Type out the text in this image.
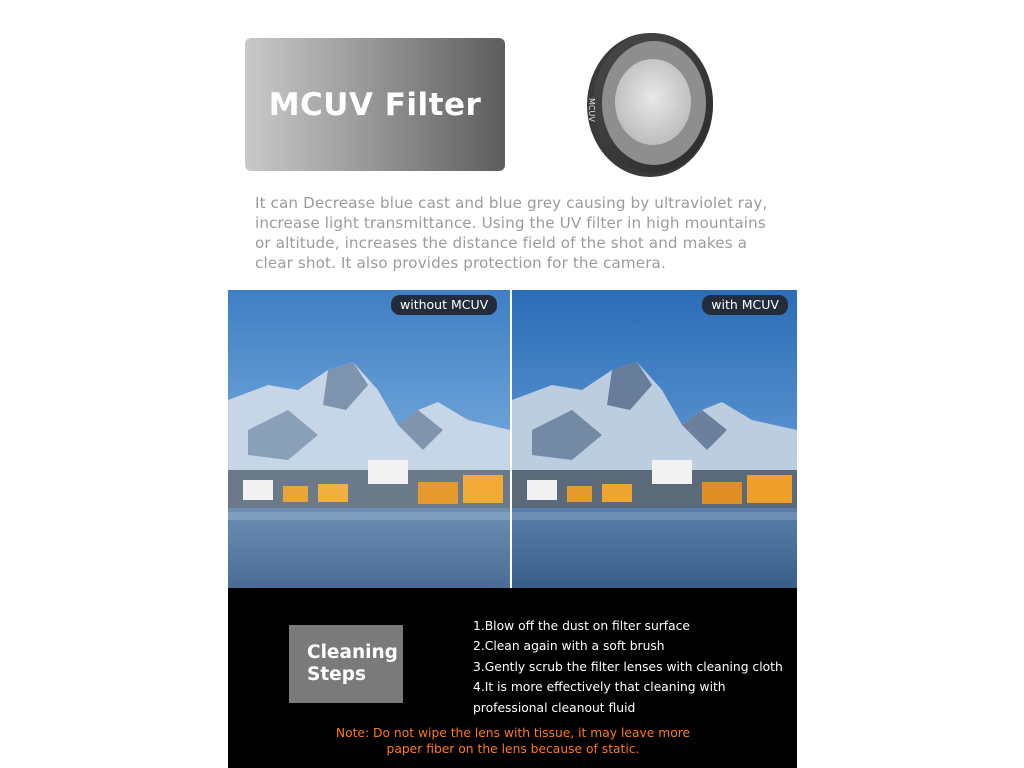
MCUV Filter	MCUV
It can Decrease blue cast and blue grey causing by ultraviolet ray, increase light transmittance. Using the UV filter in high mountains or altitude, increases the distance field of the shot and makes a clear shot. It also provides protection for the camera.
without MCUV	with MCUV
Cleaning
Steps
1.Blow off the dust on filter surface
2.Clean again with a soft brush
3.Gently scrub the filter lenses with cleaning cloth
4.It is more effectively that cleaning with
professional cleanout fluid
Note: Do not wipe the lens with tissue, it may leave more
paper fiber on the lens because of static.
